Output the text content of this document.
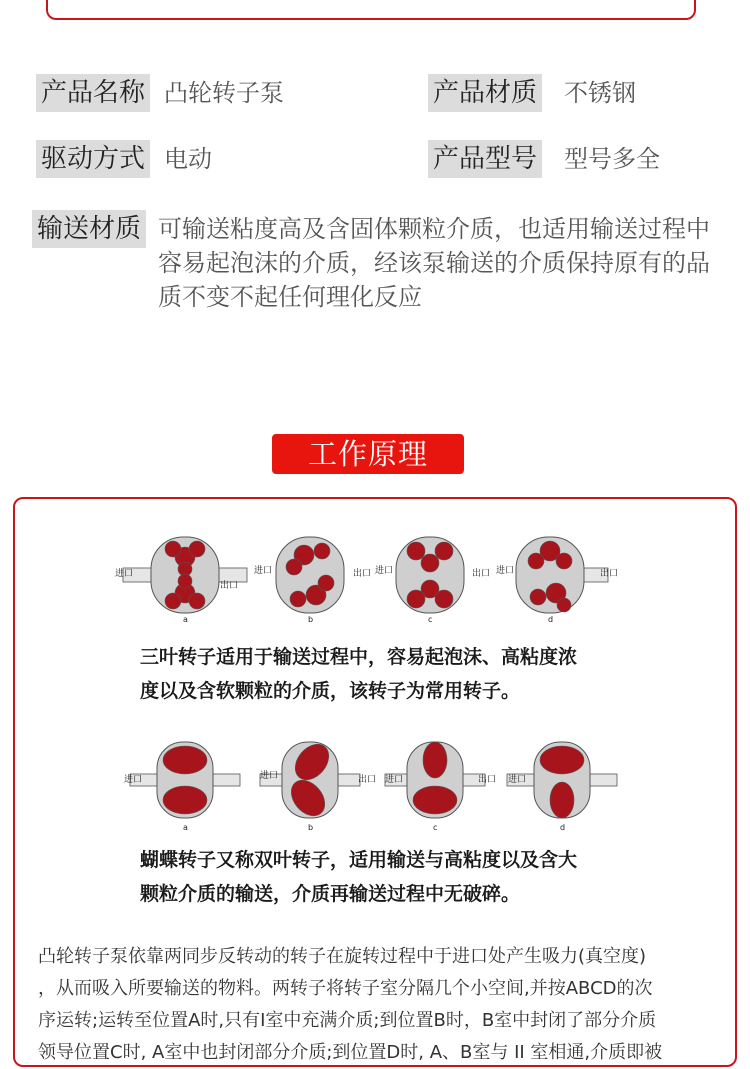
产品名称 凸轮转子泵	产品材质 不锈钢
驱动方式 电动	产品型号 型号多全
输送材质 可输送粘度高及含固体颗粒介质，也适用输送过程中
容易起泡沫的介质，经该泵输送的介质保持原有的品
质不变不起任何理化反应
工作原理
进口
出口
进口	出口 进口	出口 进口	出口
a	b	c	d
三叶转子适用于输送过程中，容易起泡沫、高粘度浓
度以及含软颗粒的介质，该转子为常用转子。
进口	进口	出口 进口	出口 进口
a	b	c	d
蝴蝶转子又称双叶转子，适用输送与高粘度以及含大
颗粒介质的输送，介质再输送过程中无破碎。
凸轮转子泵依靠两同步反转动的转子在旋转过程中于进口处产生吸力(真空度)
，从而吸入所要输送的物料。两转子将转子室分隔几个小空间,并按ABCD的次
序运转;运转至位置A时,只有I室中充满介质;到位置B时，B室中封闭了部分介质
领导位置C时, A室中也封闭部分介质;到位置D时, A、B室与 II 室相通,介质即被
